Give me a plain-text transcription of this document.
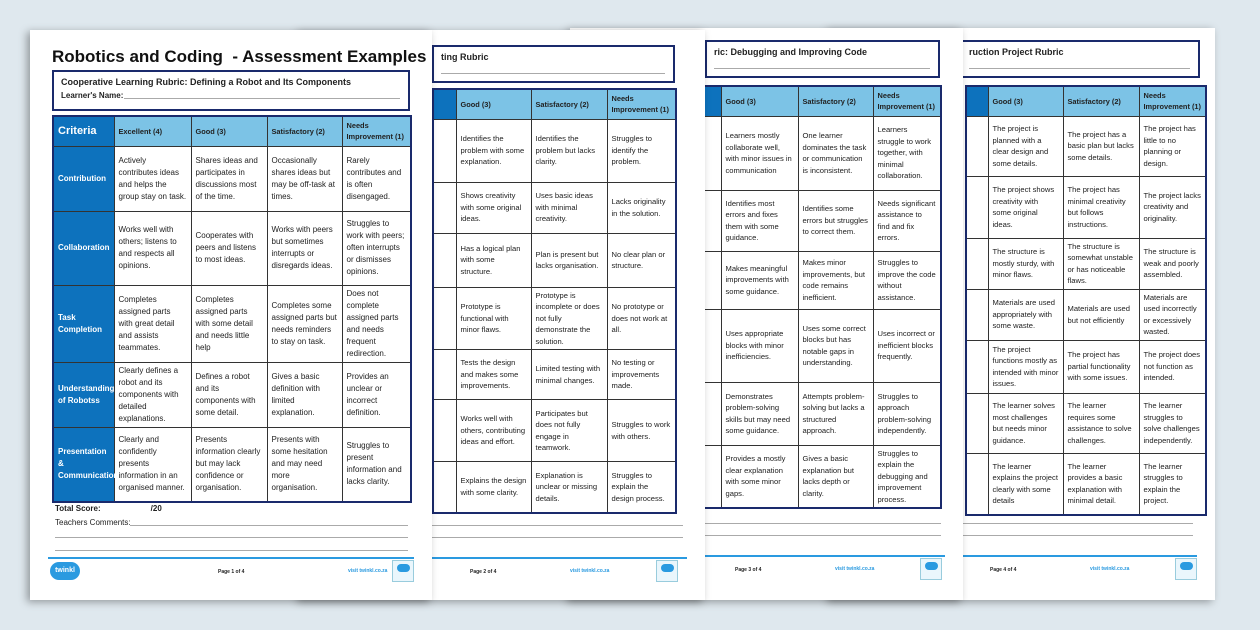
ruction Project Rubric
	Good (3)	Satisfactory (2)	Needs Improvement (1)
	The project is planned with a clear design and some details.	The project has a basic plan but lacks some details.	The project has little to no planning or design.
	The project shows creativity with some original ideas.	The project has minimal creativity but follows instructions.	The project lacks creativity and originality.
	The structure is mostly sturdy, with minor flaws.	The structure is somewhat unstable or has noticeable flaws.	The structure is weak and poorly assembled.
	Materials are used appropriately with some waste.	Materials are used but not efficiently	Materials are used incorrectly or excessively wasted.
	The project functions mostly as intended with minor issues.	The project has partial functionality with some issues.	The project does not function as intended.
	The learner solves most challenges but needs minor guidance.	The learner requires some assistance to solve challenges.	The learner struggles to solve challenges independently.
	The learner explains the project clearly with some details	The learner provides a basic explanation with minimal detail.	The learner struggles to explain the project.
Page 4 of 4	visit twinkl.co.za
ric: Debugging and Improving Code
	Good (3)	Satisfactory (2)	Needs Improvement (1)
	Learners mostly collaborate well, with minor issues in communication	One learner dominates the task or communication is inconsistent.	Learners struggle to work together, with minimal collaboration.
	Identifies most errors and fixes them with some guidance.	Identifies some errors but struggles to correct them.	Needs significant assistance to find and fix errors.
	Makes meaningful improvements with some guidance.	Makes minor improvements, but code remains inefficient.	Struggles to improve the code without assistance.
	Uses appropriate blocks with minor inefficiencies.	Uses some correct blocks but has notable gaps in understanding.	Uses incorrect or inefficient blocks frequently.
	Demonstrates problem-solving skills but may need some guidance.	Attempts problem-solving but lacks a structured approach.	Struggles to approach problem-solving independently.
	Provides a mostly clear explanation with some minor gaps.	Gives a basic explanation but lacks depth or clarity.	Struggles to explain the debugging and improvement process.
Page 3 of 4	visit twinkl.co.za
ting Rubric
	Good (3)	Satisfactory (2)	Needs Improvement (1)
	Identifies the problem with some explanation.	Identifies the problem but lacks clarity.	Struggles to identify the problem.
	Shows creativity with some original ideas.	Uses basic ideas with minimal creativity.	Lacks originality in the solution.
	Has a logical plan with some structure.	Plan is present but lacks organisation.	No clear plan or structure.
	Prototype is functional with minor flaws.	Prototype is incomplete or does not fully demonstrate the solution.	No prototype or does not work at all.
	Tests the design and makes some improvements.	Limited testing with minimal changes.	No testing or improvements made.
	Works well with others, contributing ideas and effort.	Participates but does not fully engage in teamwork.	Struggles to work with others.
	Explains the design with some clarity.	Explanation is unclear or missing details.	Struggles to explain the design process.
Page 2 of 4	visit twinkl.co.za
Robotics and Coding  - Assessment Examples
Cooperative Learning Rubric: Defining a Robot and Its Components
Learner's Name:
Criteria	Excellent (4)	Good (3)	Satisfactory (2)	Needs Improvement (1)
Contribution	Actively contributes ideas and helps the group stay on task.	Shares ideas and participates in discussions most of the time.	Occasionally shares ideas but may be off-task at times.	Rarely contributes and is often disengaged.
Collaboration	Works well with others; listens to and respects all opinions.	Cooperates with peers and listens to most ideas.	Works with peers but sometimes interrupts or disregards ideas.	Struggles to work with peers; often interrupts or dismisses opinions.
Task Completion	Completes assigned parts with great detail and assists teammates.	Completes assigned parts with some detail and needs little help	Completes some assigned parts but needs reminders to stay on task.	Does not complete assigned parts and needs frequent redirection.
Understanding of Robotss	Clearly defines a robot and its components with detailed explanations.	Defines a robot and its components with some detail.	Gives a basic definition with limited explanation.	Provides an unclear or incorrect definition.
Presentation & Communication	Clearly and confidently presents information in an organised manner.	Presents information clearly but may lack confidence or organisation.	Presents with some hesitation and may need more organisation.	Struggles to present information and lacks clarity.
Total Score:	/20
Teachers Comments:
twinkl	Page 1 of 4	visit twinkl.co.za
